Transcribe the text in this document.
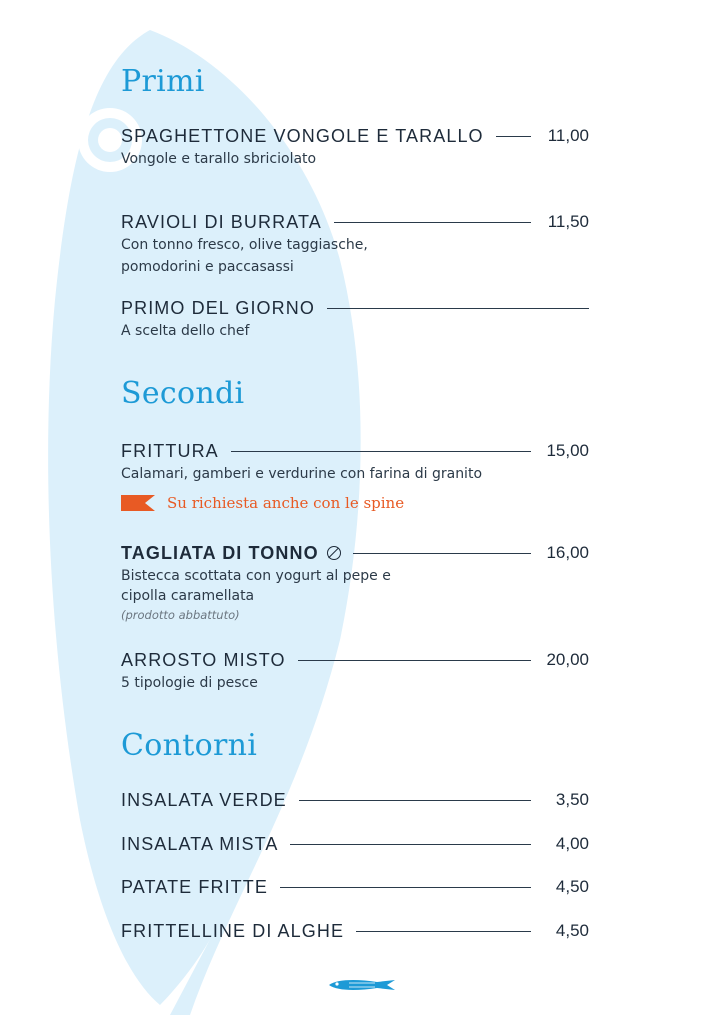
Primi
SPAGHETTONE VONGOLE E TARALLO	11,00
Vongole e tarallo sbriciolato
RAVIOLI DI BURRATA	11,50
Con tonno fresco, olive taggiasche,
pomodorini e paccasassi
PRIMO DEL GIORNO
A scelta dello chef
Secondi
FRITTURA	15,00
Calamari, gamberi e verdurine con farina di granito
Su richiesta anche con le spine
TAGLIATA DI TONNO	16,00
Bistecca scottata con yogurt al pepe e
cipolla caramellata
(prodotto abbattuto)
ARROSTO MISTO	20,00
5 tipologie di pesce
Contorni
INSALATA VERDE	3,50
INSALATA MISTA	4,00
PATATE FRITTE	4,50
FRITTELLINE DI ALGHE	4,50
